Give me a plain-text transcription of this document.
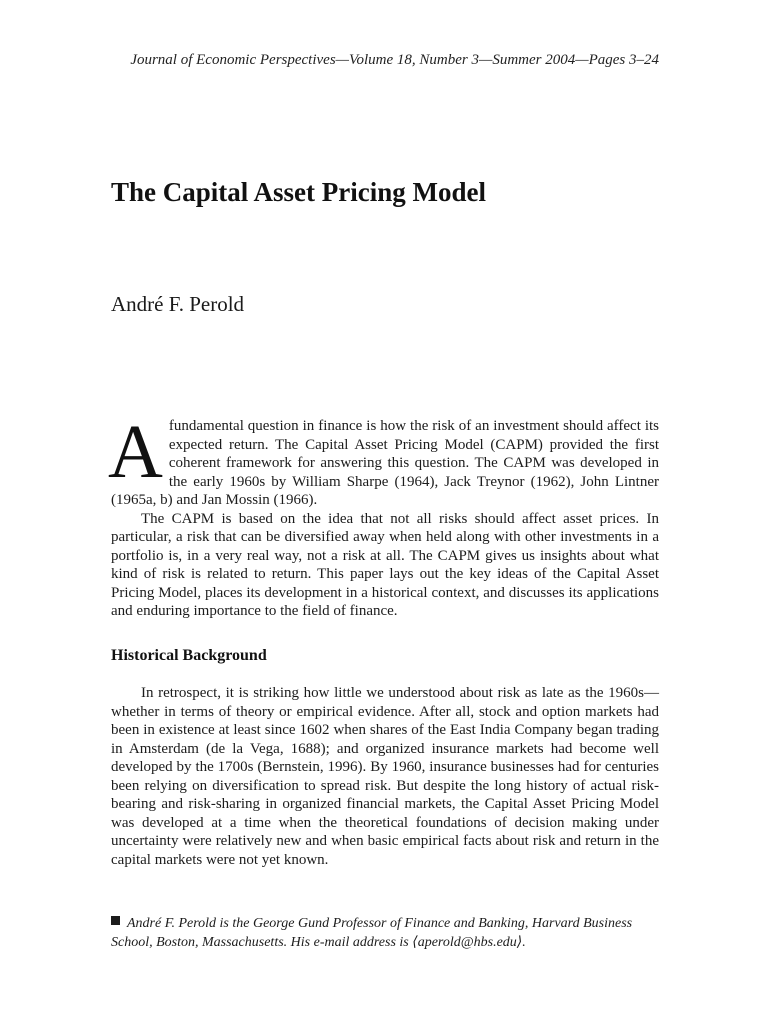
Journal of Economic Perspectives—Volume 18, Number 3—Summer 2004—Pages 3–24
The Capital Asset Pricing Model
André F. Perold

Afundamental question in finance is how the risk of an investment should affect its expected return. The Capital Asset Pricing Model (CAPM) provided the first coherent framework for answering this question. The CAPM was developed in the early 1960s by William Sharpe (1964), Jack Treynor (1962), John Lintner (1965a, b) and Jan Mossin (1966).

The CAPM is based on the idea that not all risks should affect asset prices. In particular, a risk that can be diversified away when held along with other investments in a portfolio is, in a very real way, not a risk at all. The CAPM gives us insights about what kind of risk is related to return. This paper lays out the key ideas of the Capital Asset Pricing Model, places its development in a historical context, and discusses its applications and enduring importance to the field of finance.

Historical Background

In retrospect, it is striking how little we understood about risk as late as the 1960s—whether in terms of theory or empirical evidence. After all, stock and option markets had been in existence at least since 1602 when shares of the East India Company began trading in Amsterdam (de la Vega, 1688); and organized insurance markets had become well developed by the 1700s (Bernstein, 1996). By 1960, insurance businesses had for centuries been relying on diversification to spread risk. But despite the long history of actual risk-bearing and risk-sharing in organized financial markets, the Capital Asset Pricing Model was developed at a time when the theoretical foundations of decision making under uncertainty were relatively new and when basic empirical facts about risk and return in the capital markets were not yet known.

André F. Perold is the George Gund Professor of Finance and Banking, Harvard Business School, Boston, Massachusetts. His e-mail address is ⟨aperold@hbs.edu⟩.
